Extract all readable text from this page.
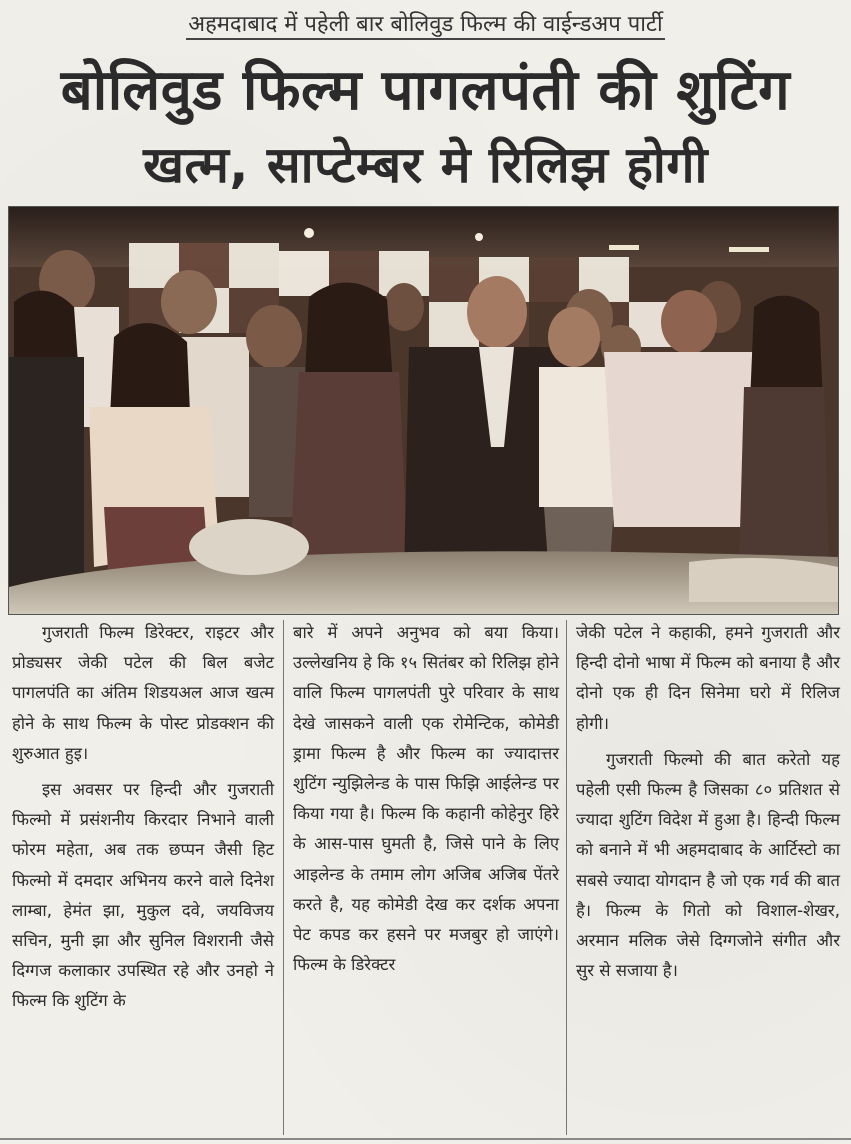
अहमदाबाद में पहेली बार बोलिवुड फिल्म की वाईन्डअप पार्टी
बोलिवुड फिल्म पागलपंती की शुटिंग
खत्म, साप्टेम्बर मे रिलिझ होगी

गुजराती फिल्म डिरेक्टर, राइटर और प्रोड्यसर जेकी पटेल की बिल बजेट पागलपंति का अंतिम शिडयअल आज खत्म होने के साथ फिल्म के पोस्ट प्रोडक्शन की शुरुआत हुइ।

इस अवसर पर हिन्दी और गुजराती फिल्मो में प्रसंशनीय किरदार निभाने वाली फोरम महेता, अब तक छप्पन जैसी हिट फिल्मो में दमदार अभिनय करने वाले दिनेश लाम्बा, हेमंत झा, मुकुल दवे, जयविजय सचिन, मुनी झा और सुनिल विशरानी जैसे दिग्गज कलाकार उपस्थित रहे और उनहो ने फिल्म कि शुटिंग के

बारे में अपने अनुभव को बया किया। उल्लेखनिय हे कि १५ सितंबर को रिलिझ होने वालि फिल्म पागलपंती पुरे परिवार के साथ देखे जासकने वाली एक रोमेन्टिक, कोमेडी ड्रामा फिल्म है और फिल्म का ज्यादात्तर शुटिंग न्युझिलेन्ड के पास फिझि आईलेन्ड पर किया गया है। फिल्म कि कहानी कोहेनुर हिरे के आस-पास घुमती है, जिसे पाने के लिए आइलेन्ड के तमाम लोग अजिब अजिब पेंतरे करते है, यह कोमेडी देख कर दर्शक अपना पेट कपड कर हसने पर मजबुर हो जाएंगे। फिल्म के डिरेक्टर

जेकी पटेल ने कहाकी, हमने गुजराती और हिन्दी दोनो भाषा में फिल्म को बनाया है और दोनो एक ही दिन सिनेमा घरो में रिलिज होगी।

गुजराती फिल्मो की बात करेतो यह पहेली एसी फिल्म है जिसका ८० प्रतिशत से ज्यादा शुटिंग विदेश में हुआ है। हिन्दी फिल्म को बनाने में भी अहमदाबाद के आर्टिस्टो का सबसे ज्यादा योगदान है जो एक गर्व की बात है। फिल्म के गितो को विशाल-शेखर, अरमान मलिक जेसे दिग्गजोने संगीत और सुर से सजाया है।
